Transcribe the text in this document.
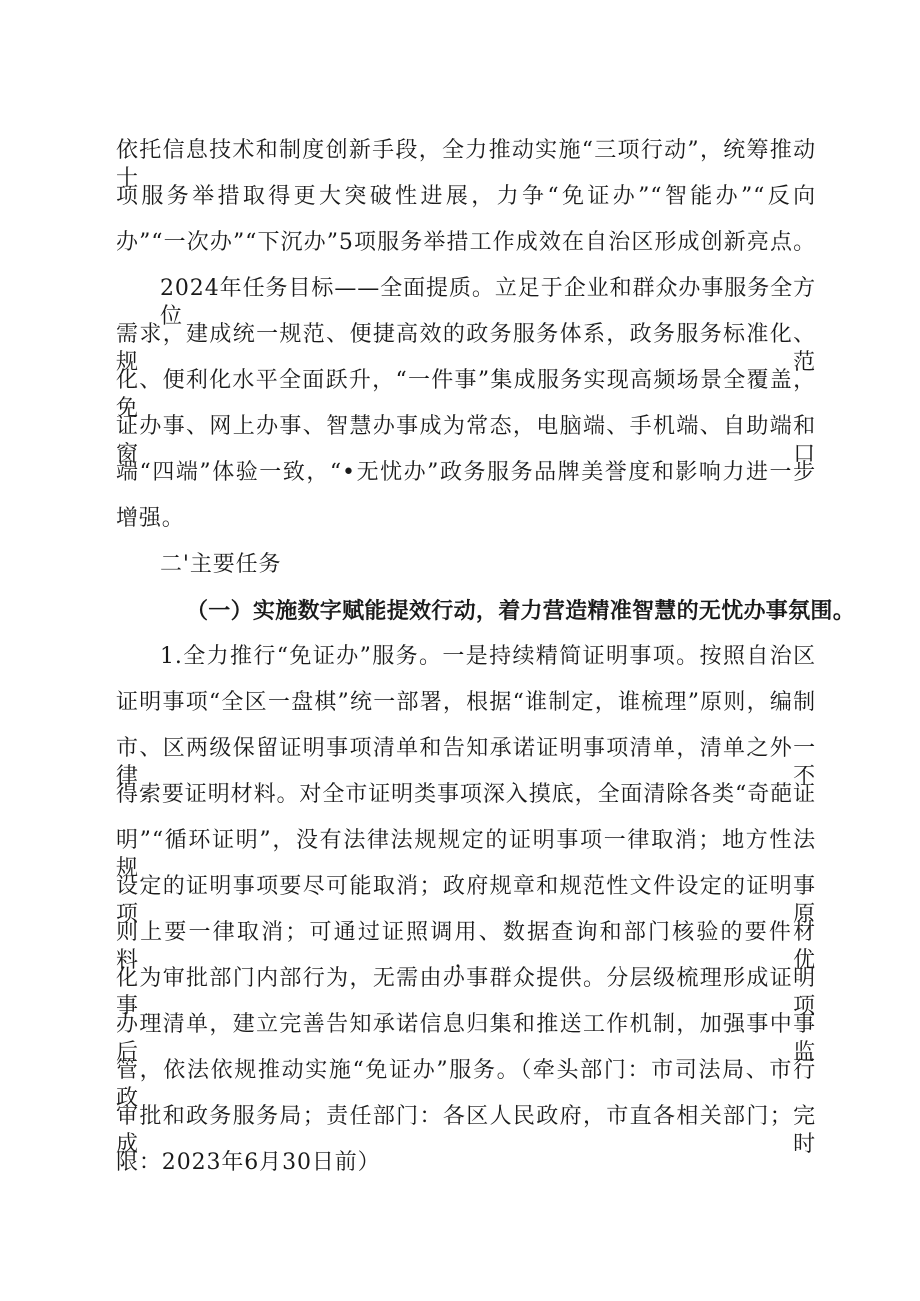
依托信息技术和制度创新手段，全力推动实施“三项行动”，统筹推动十
项服务举措取得更大突破性进展，力争“免证办”“智能办”“反向
办”“一次办”“下沉办”5项服务举措工作成效在自治区形成创新亮点。
2024年任务目标——全面提质。立足于企业和群众办事服务全方位
需求，建成统一规范、便捷高效的政务服务体系，政务服务标准化、规范
化、便利化水平全面跃升，“一件事”集成服务实现高频场景全覆盖，免
证办事、网上办事、智慧办事成为常态，电脑端、手机端、自助端和窗口
端“四端”体验一致，“•无忧办”政务服务品牌美誉度和影响力进一步
增强。
二'主要任务
（一）实施数字赋能提效行动，着力营造精准智慧的无忧办事氛围。
1.全力推行“免证办”服务。一是持续精简证明事项。按照自治区
证明事项“全区一盘棋”统一部署，根据“谁制定，谁梳理”原则，编制
市、区两级保留证明事项清单和告知承诺证明事项清单，清单之外一律不
得索要证明材料。对全市证明类事项深入摸底，全面清除各类“奇葩证
明”“循环证明”，没有法律法规规定的证明事项一律取消；地方性法规
设定的证明事项要尽可能取消；政府规章和规范性文件设定的证明事项原
则上要一律取消；可通过证照调用、数据查询和部门核验的要件材料，优
化为审批部门内部行为，无需由办事群众提供。分层级梳理形成证明事项
办理清单，建立完善告知承诺信息归集和推送工作机制，加强事中事后监
管，依法依规推动实施“免证办”服务。（牵头部门：市司法局、市行政
审批和政务服务局；责任部门：各区人民政府，市直各相关部门；完成时
限：2023年6月30日前）
